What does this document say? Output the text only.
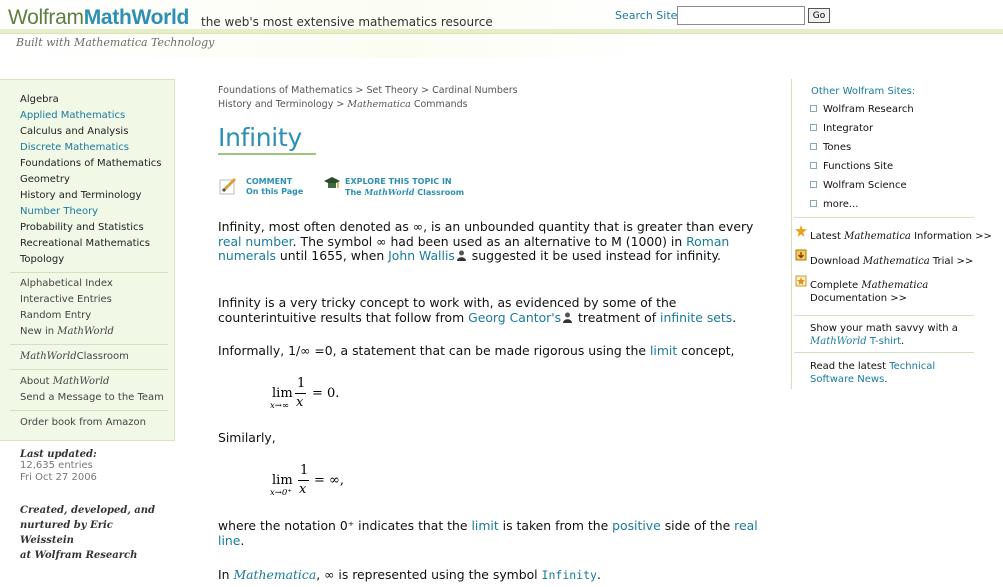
WolframMathWorld the web's most extensive mathematics resource
Built with Mathematica Technology
Search Site	Go
Algebra
Applied Mathematics
Calculus and Analysis
Discrete Mathematics
Foundations of Mathematics
Geometry
History and Terminology
Number Theory
Probability and Statistics
Recreational Mathematics
Topology
Alphabetical Index
Interactive Entries
Random Entry
New in MathWorld
MathWorldClassroom
About MathWorld
Send a Message to the Team
Order book from Amazon
Last updated:
12,635 entries
Fri Oct 27 2006
Created, developed, and
nurtured by Eric Weisstein
at Wolfram Research
Foundations of Mathematics > Set Theory > Cardinal Numbers
History and Terminology > Mathematica Commands
Infinity
COMMENT
On this Page
EXPLORE THIS TOPIC IN
The MathWorld Classroom

Infinity, most often denoted as ∞, is an unbounded quantity that is greater than every real number. The symbol ∞ had been used as an alternative to M (1000) in Roman numerals until 1655, when John Wallis suggested it be used instead for infinity.

Infinity is a very tricky concept to work with, as evidenced by some of the counterintuitive results that follow from Georg Cantor's treatment of infinite sets.

Informally, 1/∞ =0, a statement that can be made rigorous using the limit concept,

Similarly,

where the notation 0⁺ indicates that the limit is taken from the positive side of the real line.

In Mathematica, ∞ is represented using the symbol Infinity.

lim
x→∞
1
x
= 0.
lim
x→0⁺
1
x
= ∞,
Other Wolfram Sites:
Wolfram Research
Integrator
Tones
Functions Site
Wolfram Science
more...
Latest Mathematica Information >>
Download Mathematica Trial >>
Complete Mathematica
Documentation >>
Show your math savvy with a
MathWorld T-shirt.
Read the latest Technical
Software News.
